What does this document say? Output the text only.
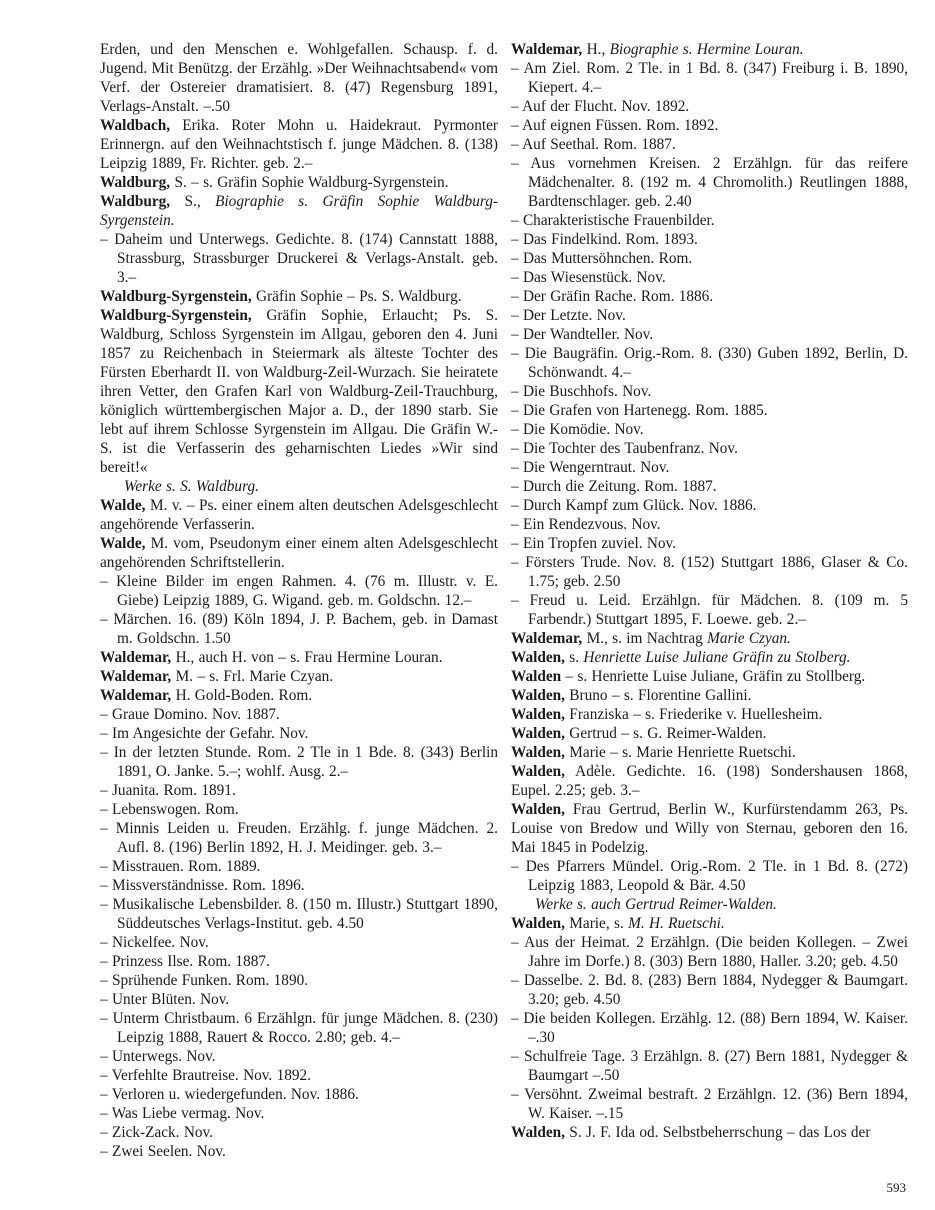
Erden, und den Menschen e. Wohlgefallen. Schausp. f. d. Jugend. Mit Benützg. der Erzählg. »Der Weihnachtsabend« vom Verf. der Ostereier dramatisiert. 8. (47) Regensburg 1891, Verlags-Anstalt. –.50

Waldbach, Erika. Roter Mohn u. Haidekraut. Pyrmonter Erinnergn. auf den Weihnachtstisch f. junge Mädchen. 8. (138) Leipzig 1889, Fr. Richter. geb. 2.–

Waldburg, S. – s. Gräfin Sophie Waldburg-Syrgenstein.

Waldburg, S., Biographie s. Gräfin Sophie Waldburg-Syrgenstein.

– Daheim und Unterwegs. Gedichte. 8. (174) Cannstatt 1888, Strassburg, Strassburger Druckerei & Verlags-Anstalt. geb. 3.–

Waldburg-Syrgenstein, Gräfin Sophie – Ps. S. Waldburg.

Waldburg-Syrgenstein, Gräfin Sophie, Erlaucht; Ps. S. Waldburg, Schloss Syrgenstein im Allgau, geboren den 4. Juni 1857 zu Reichenbach in Steiermark als älteste Tochter des Fürsten Eberhardt II. von Waldburg-Zeil-Wurzach. Sie heiratete ihren Vetter, den Grafen Karl von Waldburg-Zeil-Trauchburg, königlich württembergischen Major a. D., der 1890 starb. Sie lebt auf ihrem Schlosse Syrgenstein im Allgau. Die Gräfin W.-S. ist die Verfasserin des geharnischten Liedes »Wir sind bereit!«

Werke s. S. Waldburg.

Walde, M. v. – Ps. einer einem alten deutschen Adelsgeschlecht angehörende Verfasserin.

Walde, M. vom, Pseudonym einer einem alten Adelsgeschlecht angehörenden Schriftstellerin.

– Kleine Bilder im engen Rahmen. 4. (76 m. Illustr. v. E. Giebe) Leipzig 1889, G. Wigand. geb. m. Goldschn. 12.–

– Märchen. 16. (89) Köln 1894, J. P. Bachem, geb. in Damast m. Goldschn. 1.50

Waldemar, H., auch H. von – s. Frau Hermine Louran.

Waldemar, M. – s. Frl. Marie Czyan.

Waldemar, H. Gold-Boden. Rom.

– Graue Domino. Nov. 1887.

– Im Angesichte der Gefahr. Nov.

– In der letzten Stunde. Rom. 2 Tle in 1 Bde. 8. (343) Berlin 1891, O. Janke. 5.–; wohlf. Ausg. 2.–

– Juanita. Rom. 1891.

– Lebenswogen. Rom.

– Minnis Leiden u. Freuden. Erzählg. f. junge Mädchen. 2. Aufl. 8. (196) Berlin 1892, H. J. Meidinger. geb. 3.–

– Misstrauen. Rom. 1889.

– Missverständnisse. Rom. 1896.

– Musikalische Lebensbilder. 8. (150 m. Illustr.) Stuttgart 1890, Süddeutsches Verlags-Institut. geb. 4.50

– Nickelfee. Nov.

– Prinzess Ilse. Rom. 1887.

– Sprühende Funken. Rom. 1890.

– Unter Blüten. Nov.

– Unterm Christbaum. 6 Erzählgn. für junge Mädchen. 8. (230) Leipzig 1888, Rauert & Rocco. 2.80; geb. 4.–

– Unterwegs. Nov.

– Verfehlte Brautreise. Nov. 1892.

– Verloren u. wiedergefunden. Nov. 1886.

– Was Liebe vermag. Nov.

– Zick-Zack. Nov.

– Zwei Seelen. Nov.

Waldemar, H., Biographie s. Hermine Louran.

– Am Ziel. Rom. 2 Tle. in 1 Bd. 8. (347) Freiburg i. B. 1890, Kiepert. 4.–

– Auf der Flucht. Nov. 1892.

– Auf eignen Füssen. Rom. 1892.

– Auf Seethal. Rom. 1887.

– Aus vornehmen Kreisen. 2 Erzählgn. für das reifere Mädchenalter. 8. (192 m. 4 Chromolith.) Reutlingen 1888, Bardtenschlager. geb. 2.40

– Charakteristische Frauenbilder.

– Das Findelkind. Rom. 1893.

– Das Muttersöhnchen. Rom.

– Das Wiesenstück. Nov.

– Der Gräfin Rache. Rom. 1886.

– Der Letzte. Nov.

– Der Wandteller. Nov.

– Die Baugräfin. Orig.-Rom. 8. (330) Guben 1892, Berlin, D. Schönwandt. 4.–

– Die Buschhofs. Nov.

– Die Grafen von Hartenegg. Rom. 1885.

– Die Komödie. Nov.

– Die Tochter des Taubenfranz. Nov.

– Die Wengerntraut. Nov.

– Durch die Zeitung. Rom. 1887.

– Durch Kampf zum Glück. Nov. 1886.

– Ein Rendezvous. Nov.

– Ein Tropfen zuviel. Nov.

– Försters Trude. Nov. 8. (152) Stuttgart 1886, Glaser & Co. 1.75; geb. 2.50

– Freud u. Leid. Erzählgn. für Mädchen. 8. (109 m. 5 Farbendr.) Stuttgart 1895, F. Loewe. geb. 2.–

Waldemar, M., s. im Nachtrag Marie Czyan.

Walden, s. Henriette Luise Juliane Gräfin zu Stolberg.

Walden – s. Henriette Luise Juliane, Gräfin zu Stollberg.

Walden, Bruno – s. Florentine Gallini.

Walden, Franziska – s. Friederike v. Huellesheim.

Walden, Gertrud – s. G. Reimer-Walden.

Walden, Marie – s. Marie Henriette Ruetschi.

Walden, Adèle. Gedichte. 16. (198) Sondershausen 1868, Eupel. 2.25; geb. 3.–

Walden, Frau Gertrud, Berlin W., Kurfürstendamm 263, Ps. Louise von Bredow und Willy von Sternau, geboren den 16. Mai 1845 in Podelzig.

– Des Pfarrers Mündel. Orig.-Rom. 2 Tle. in 1 Bd. 8. (272) Leipzig 1883, Leopold & Bär. 4.50

Werke s. auch Gertrud Reimer-Walden.

Walden, Marie, s. M. H. Ruetschi.

– Aus der Heimat. 2 Erzählgn. (Die beiden Kollegen. – Zwei Jahre im Dorfe.) 8. (303) Bern 1880, Haller. 3.20; geb. 4.50

– Dasselbe. 2. Bd. 8. (283) Bern 1884, Nydegger & Baumgart. 3.20; geb. 4.50

– Die beiden Kollegen. Erzählg. 12. (88) Bern 1894, W. Kaiser. –.30

– Schulfreie Tage. 3 Erzählgn. 8. (27) Bern 1881, Nydegger & Baumgart –.50

– Versöhnt. Zweimal bestraft. 2 Erzählgn. 12. (36) Bern 1894, W. Kaiser. –.15

Walden, S. J. F. Ida od. Selbstbeherrschung – das Los der

593
